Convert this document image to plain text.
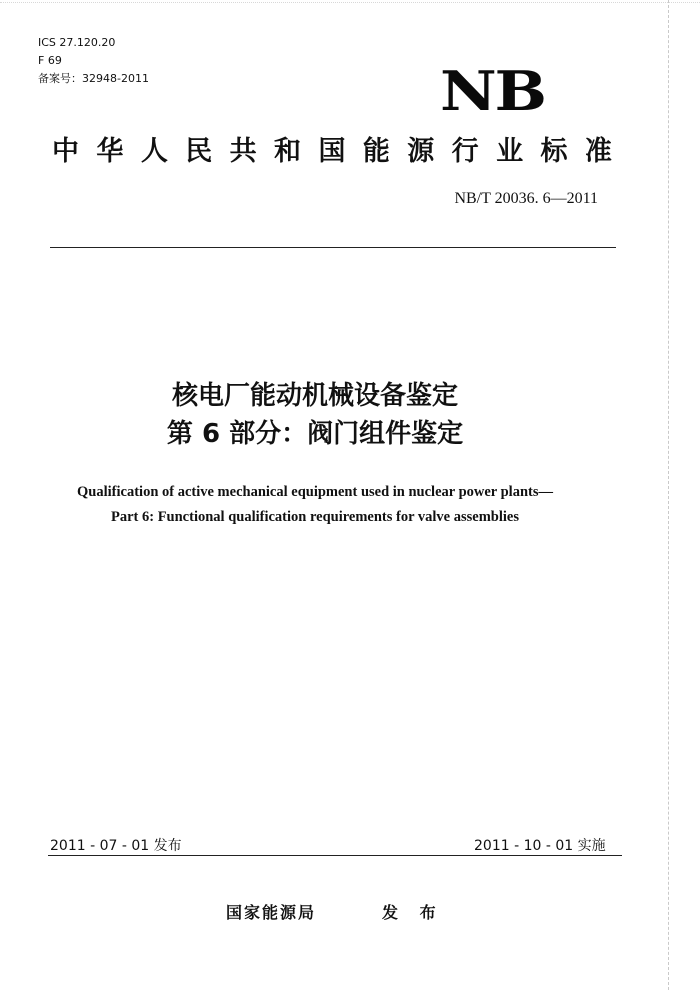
ICS 27.120.20
F 69
备案号：32948-2011	NB
中 华 人 民 共 和 国 能 源 行 业 标 准
NB/T 20036. 6—2011
核电厂能动机械设备鉴定
第 6 部分：阀门组件鉴定
Qualification of active mechanical equipment used in nuclear power plants—
Part 6: Functional qualification requirements for valve assemblies
2011 - 07 - 01 发布	2011 - 10 - 01 实施
国家能源局	发 布
